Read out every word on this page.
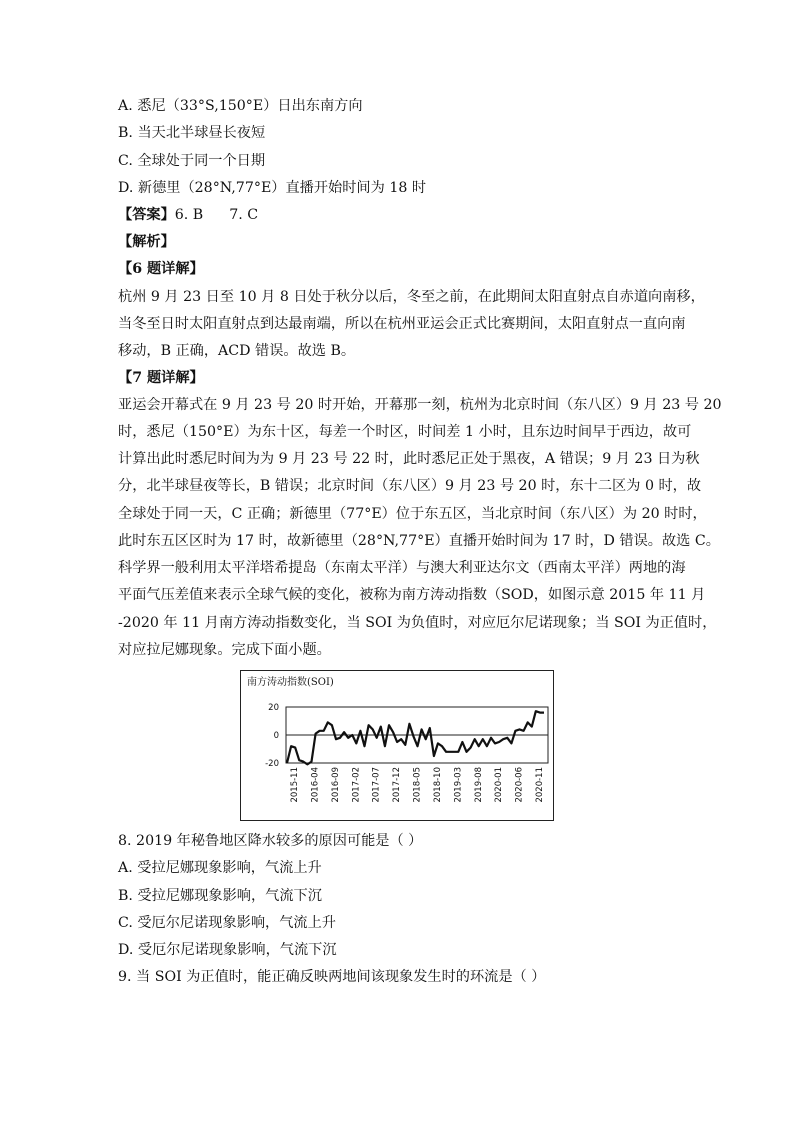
A. 悉尼（33°S,150°E）日出东南方向
B. 当天北半球昼长夜短
C. 全球处于同一个日期
D. 新德里（28°N,77°E）直播开始时间为 18 时
【答案】6. B 7. C
【解析】
【6 题详解】
杭州 9 月 23 日至 10 月 8 日处于秋分以后，冬至之前，在此期间太阳直射点自赤道向南移，
当冬至日时太阳直射点到达最南端，所以在杭州亚运会正式比赛期间，太阳直射点一直向南
移动，B 正确，ACD 错误。故选 B。
【7 题详解】
亚运会开幕式在 9 月 23 号 20 时开始，开幕那一刻，杭州为北京时间（东八区）9 月 23 号 20
时，悉尼（150°E）为东十区，每差一个时区，时间差 1 小时，且东边时间早于西边，故可
计算出此时悉尼时间为为 9 月 23 号 22 时，此时悉尼正处于黑夜，A 错误；9 月 23 日为秋
分，北半球昼夜等长，B 错误；北京时间（东八区）9 月 23 号 20 时，东十二区为 0 时，故
全球处于同一天，C 正确；新德里（77°E）位于东五区，当北京时间（东八区）为 20 时时，
此时东五区区时为 17 时，故新德里（28°N,77°E）直播开始时间为 17 时，D 错误。故选 C。
科学界一般利用太平洋塔希提岛（东南太平洋）与澳大利亚达尔文（西南太平洋）两地的海
平面气压差值来表示全球气候的变化，被称为南方涛动指数（SOD，如图示意 2015 年 11 月
-2020 年 11 月南方涛动指数变化，当 SOI 为负值时，对应厄尔尼诺现象；当 SOI 为正值时，
对应拉尼娜现象。完成下面小题。
南方涛动指数(SOI)
20
0
-20
2015-11 2016-04 2016-09 2017-02 2017-07 2017-12 2018-05 2018-10 2019-03 2019-08 2020-01 2020-06 2020-11
8. 2019 年秘鲁地区降水较多的原因可能是（ ）
A. 受拉尼娜现象影响，气流上升
B. 受拉尼娜现象影响，气流下沉
C. 受厄尔尼诺现象影响，气流上升
D. 受厄尔尼诺现象影响，气流下沉
9. 当 SOI 为正值时，能正确反映两地间该现象发生时的环流是（ ）
